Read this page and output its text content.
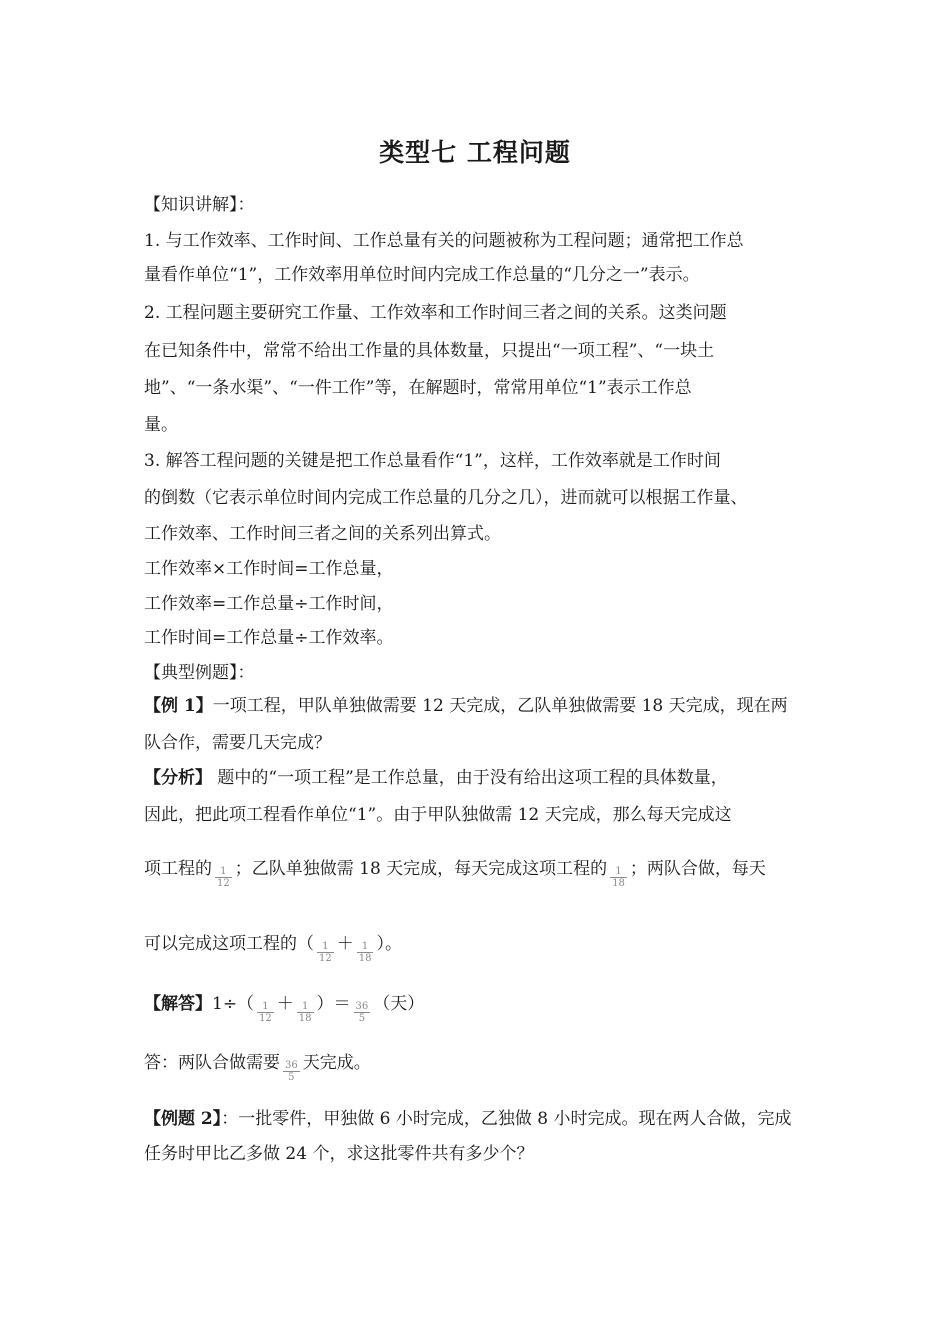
类型七 工程问题
【知识讲解】：
1. 与工作效率、工作时间、工作总量有关的问题被称为工程问题；通常把工作总
量看作单位“1”，工作效率用单位时间内完成工作总量的“几分之一”表示。
2. 工程问题主要研究工作量、工作效率和工作时间三者之间的关系。这类问题
在已知条件中，常常不给出工作量的具体数量，只提出“一项工程”、“一块土
地”、“一条水渠”、“一件工作”等，在解题时，常常用单位“1”表示工作总
量。
3. 解答工程问题的关键是把工作总量看作“1”，这样，工作效率就是工作时间
的倒数（它表示单位时间内完成工作总量的几分之几），进而就可以根据工作量、
工作效率、工作时间三者之间的关系列出算式。
工作效率×工作时间=工作总量，
工作效率=工作总量÷工作时间，
工作时间=工作总量÷工作效率。
【典型例题】：
【例 1】一项工程，甲队单独做需要 12 天完成，乙队单独做需要 18 天完成，现在两
队合作，需要几天完成？
【分析】 题中的“一项工程”是工作总量，由于没有给出这项工程的具体数量，
因此，把此项工程看作单位“1”。由于甲队独做需 12 天完成，那么每天完成这
项工程的 $\frac{1}{12}$ ；乙队单独做需 18 天完成，每天完成这项工程的 $\frac{1}{18}$ ；两队合做，每天
可以完成这项工程的（ $\frac{1}{12} + \frac{1}{18}$ ）。
【解答】$1\div( \frac{1}{12} + \frac{1}{18}$ ）＝ $\frac{36}{5}$ （天）
答：两队合做需要 $\frac{36}{5}$ 天完成。
【例题 2】：一批零件，甲独做 6 小时完成，乙独做 8 小时完成。现在两人合做，完成
任务时甲比乙多做 24 个，求这批零件共有多少个？
